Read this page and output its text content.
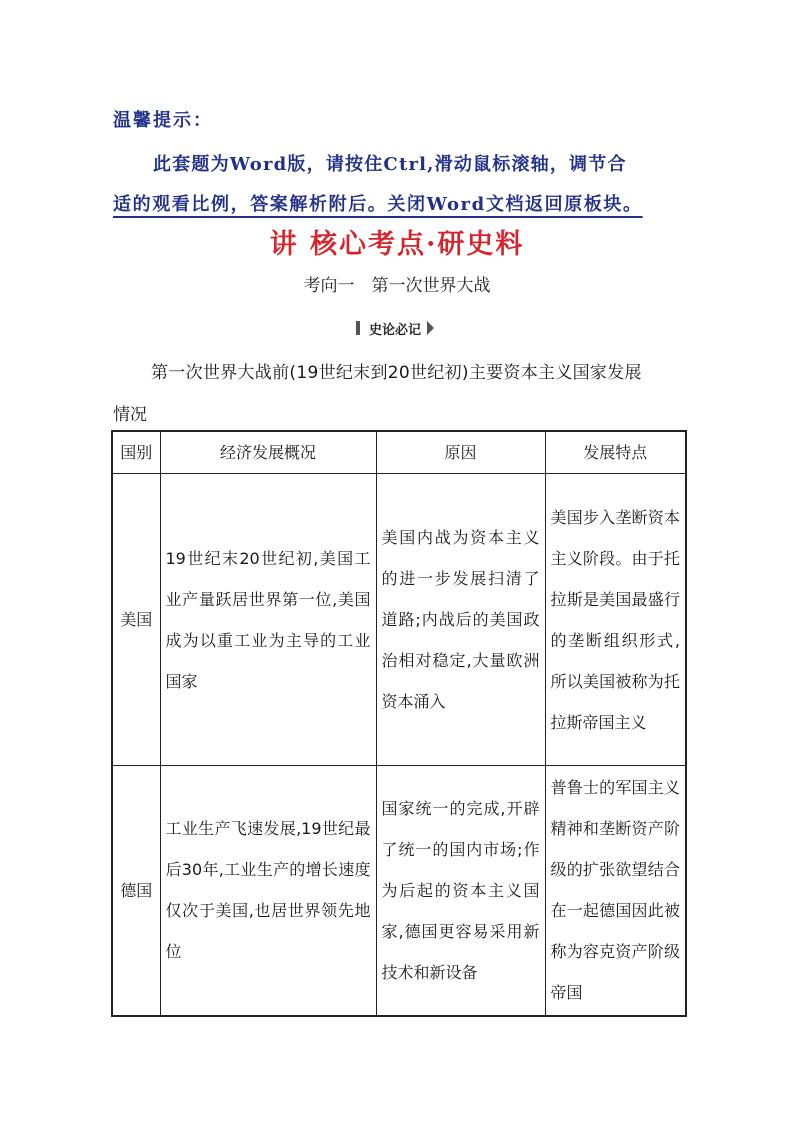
温馨提示：
此套题为Word版，请按住Ctrl,滑动鼠标滚轴，调节合
适的观看比例，答案解析附后。关闭Word文档返回原板块。
讲 核心考点·研史料
考向一　第一次世界大战
史论必记
第一次世界大战前(19世纪末到20世纪初)主要资本主义国家发展
情况
国别	经济发展概况	原因	发展特点
美国	19世纪末20世纪初,美国工业产量跃居世界第一位,美国成为以重工业为主导的工业国家	美国内战为资本主义的进一步发展扫清了道路;内战后的美国政治相对稳定,大量欧洲资本涌入	美国步入垄断资本主义阶段。由于托拉斯是美国最盛行的垄断组织形式,所以美国被称为托拉斯帝国主义
德国	工业生产飞速发展,19世纪最后30年,工业生产的增长速度仅次于美国,也居世界领先地位	国家统一的完成,开辟了统一的国内市场;作为后起的资本主义国家,德国更容易采用新技术和新设备	普鲁士的军国主义精神和垄断资产阶级的扩张欲望结合在一起德国因此被称为容克资产阶级帝国
